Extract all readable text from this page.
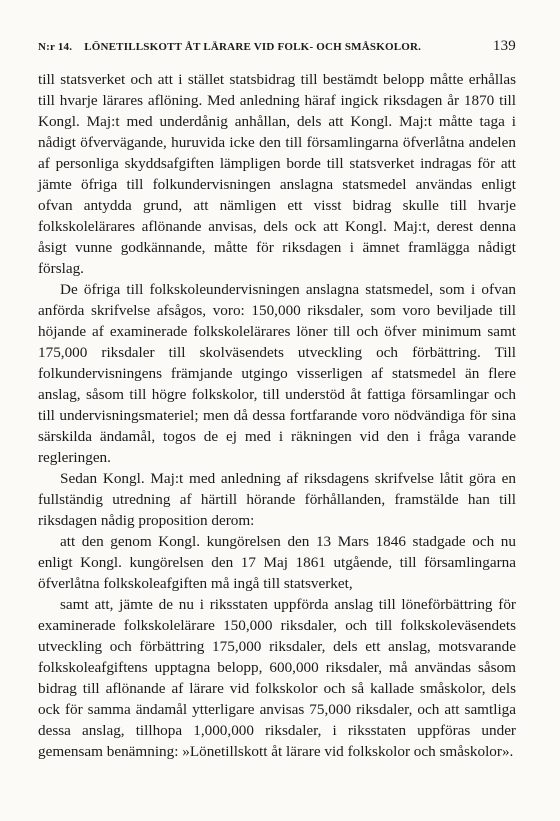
N:r 14. LÖNETILLSKOTT ÅT LÄRARE VID FOLK- OCH SMÅSKOLOR.	139

till statsverket och att i stället statsbidrag till bestämdt belopp måtte erhållas till hvarje lärares aflöning. Med anledning häraf ingick riksdagen år 1870 till Kongl. Maj:t med underdånig anhållan, dels att Kongl. Maj:t måtte taga i nådigt öfvervägande, huruvida icke den till församlingarna öfverlåtna andelen af personliga skyddsafgiften lämpligen borde till statsverket indragas för att jämte öfriga till folkundervisningen anslagna statsmedel användas enligt ofvan antydda grund, att nämligen ett visst bidrag skulle till hvarje folkskolelärares aflönande anvisas, dels ock att Kongl. Maj:t, derest denna åsigt vunne godkännande, måtte för riksdagen i ämnet framlägga nådigt förslag.

De öfriga till folkskoleundervisningen anslagna statsmedel, som i ofvan anförda skrifvelse afsågos, voro: 150,000 riksdaler, som voro beviljade till höjande af examinerade folkskolelärares löner till och öfver minimum samt 175,000 riksdaler till skolväsendets utveckling och förbättring. Till folkundervisningens främjande utgingo visserligen af statsmedel än flere anslag, såsom till högre folkskolor, till understöd åt fattiga församlingar och till undervisningsmateriel; men då dessa fortfarande voro nödvändiga för sina särskilda ändamål, togos de ej med i räkningen vid den i fråga varande regleringen.

Sedan Kongl. Maj:t med anledning af riksdagens skrifvelse låtit göra en fullständig utredning af härtill hörande förhållanden, framstälde han till riksdagen nådig proposition derom:

att den genom Kongl. kungörelsen den 13 Mars 1846 stadgade och nu enligt Kongl. kungörelsen den 17 Maj 1861 utgående, till församlingarna öfverlåtna folkskoleafgiften må ingå till statsverket,

samt att, jämte de nu i riksstaten uppförda anslag till löneförbättring för examinerade folkskolelärare 150,000 riksdaler, och till folkskoleväsendets utveckling och förbättring 175,000 riksdaler, dels ett anslag, motsvarande folkskoleafgiftens upptagna belopp, 600,000 riksdaler, må användas såsom bidrag till aflönande af lärare vid folkskolor och så kallade småskolor, dels ock för samma ändamål ytterligare anvisas 75,000 riksdaler, och att samtliga dessa anslag, tillhopa 1,000,000 riksdaler, i riksstaten uppföras under gemensam benämning: »Lönetillskott åt lärare vid folkskolor och småskolor».
